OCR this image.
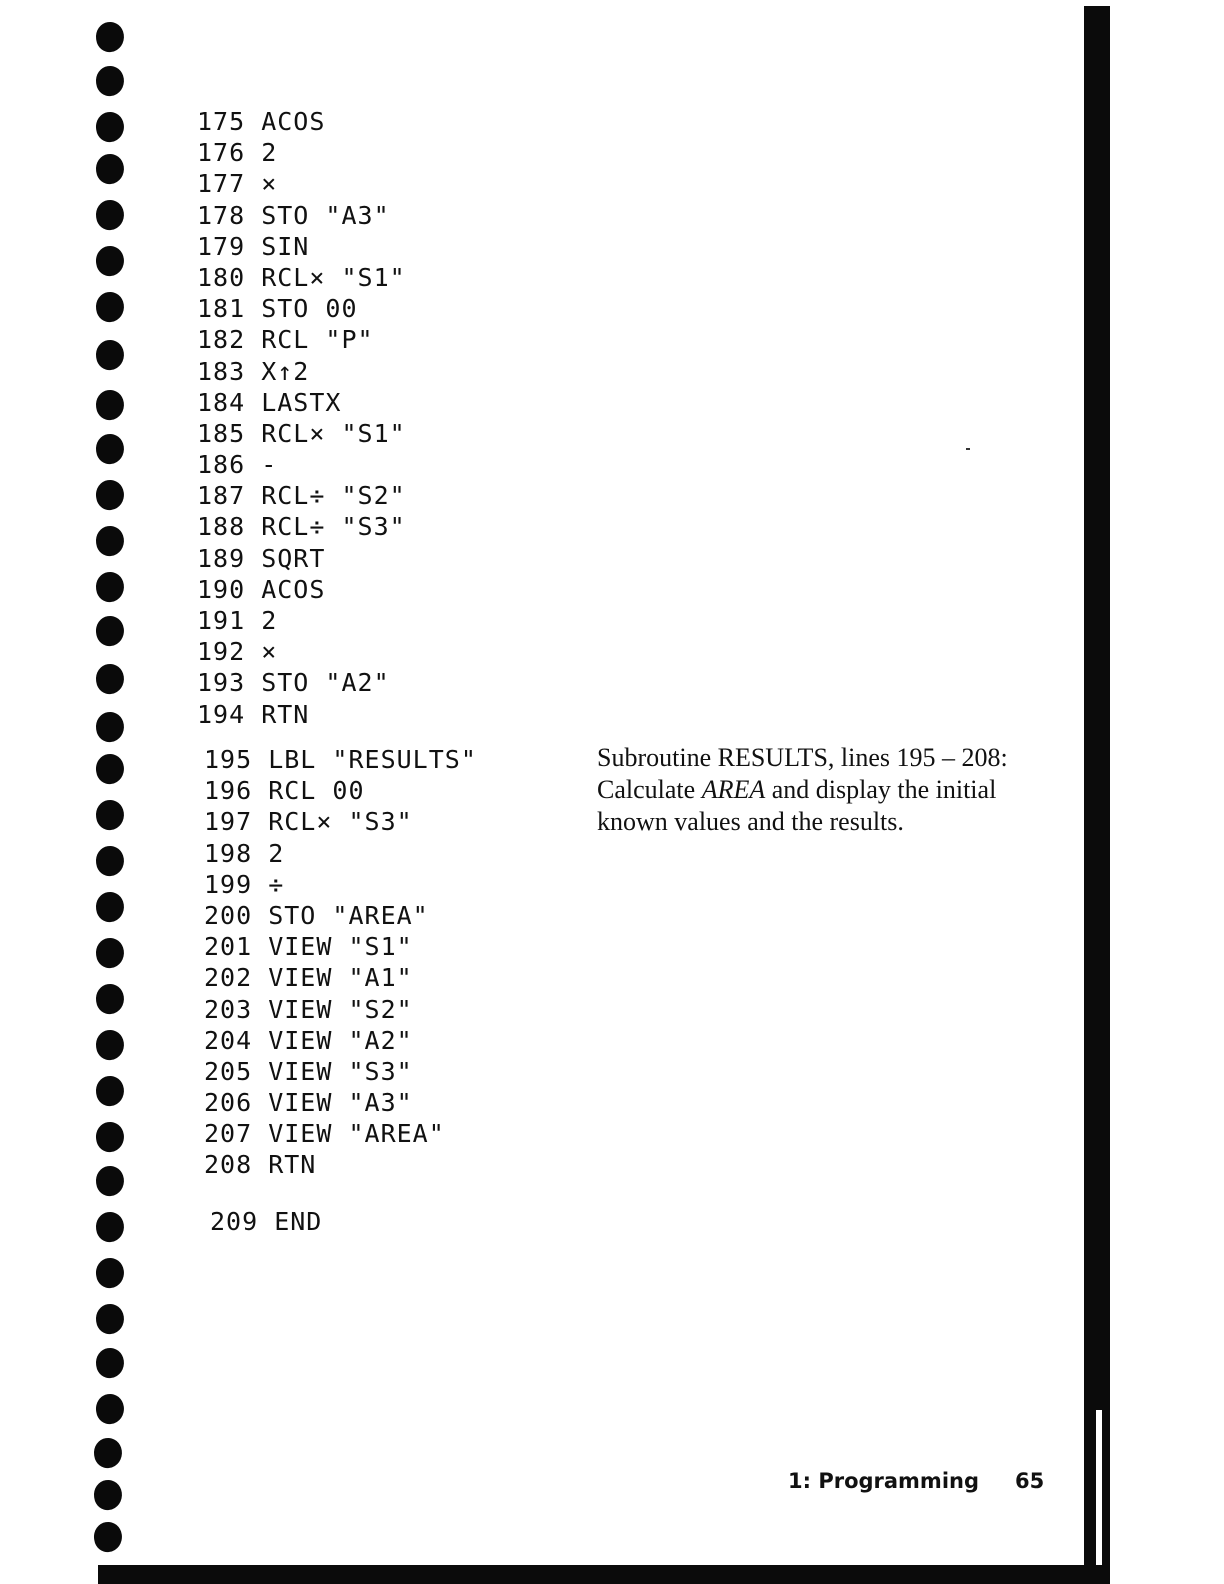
175 ACOS
176 2
177 ×
178 STO "A3"
179 SIN
180 RCL× "S1"
181 STO 00
182 RCL "P"
183 X↑2
184 LASTX
185 RCL× "S1"
186 -
187 RCL÷ "S2"
188 RCL÷ "S3"
189 SQRT
190 ACOS
191 2
192 ×
193 STO "A2"
194 RTN
195 LBL "RESULTS"
196 RCL 00
197 RCL× "S3"
198 2
199 ÷
200 STO "AREA"
201 VIEW "S1"
202 VIEW "A1"
203 VIEW "S2"
204 VIEW "A2"
205 VIEW "S3"
206 VIEW "A3"
207 VIEW "AREA"
208 RTN
209 END
Subroutine RESULTS, lines 195 – 208:
Calculate AREA and display the initial
known values and the results.
1: Programming 65
